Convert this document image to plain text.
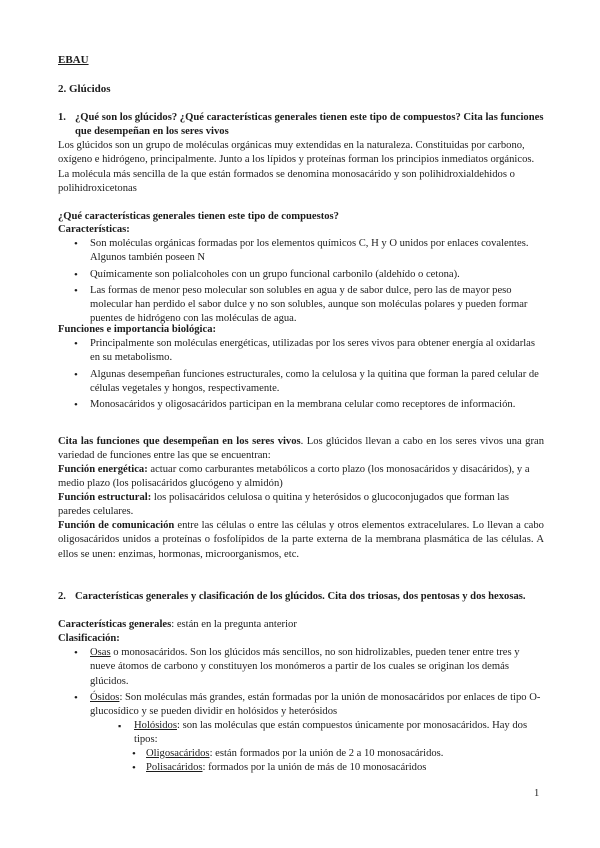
EBAU
2. Glúcidos
1. ¿Qué son los glúcidos? ¿Qué características generales tienen este tipo de compuestos? Cita las funciones que desempeñan en los seres vivos
Los glúcidos son un grupo de moléculas orgánicas muy extendidas en la naturaleza. Constituidas por carbono, oxígeno e hidrógeno, principalmente. Junto a los lípidos y proteínas forman los principios inmediatos orgánicos. La molécula más sencilla de la que están formados se denomina monosacárido y son polihidroxialdehidos o polihidroxicetonas
¿Qué características generales tienen este tipo de compuestos?
Características:
• Son moléculas orgánicas formadas por los elementos químicos C, H y O unidos por enlaces covalentes. Algunos también poseen N
• Químicamente son polialcoholes con un grupo funcional carbonilo (aldehído o cetona).
• Las formas de menor peso molecular son solubles en agua y de sabor dulce, pero las de mayor peso molecular han perdido el sabor dulce y no son solubles, aunque son moléculas polares y pueden formar puentes de hidrógeno con las moléculas de agua.
Funciones e importancia biológica:
• Principalmente son moléculas energéticas, utilizadas por los seres vivos para obtener energía al oxidarlas en su metabolismo.
• Algunas desempeñan funciones estructurales, como la celulosa y la quitina que forman la pared celular de células vegetales y hongos, respectivamente.
• Monosacáridos y oligosacáridos participan en la membrana celular como receptores de información.
Cita las funciones que desempeñan en los seres vivos. Los glúcidos llevan a cabo en los seres vivos una gran variedad de funciones entre las que se encuentran:
Función energética: actuar como carburantes metabólicos a corto plazo (los monosacáridos y disacáridos), y a medio plazo (los polisacáridos glucógeno y almidón)
Función estructural: los polisacáridos celulosa o quitina y heterósidos o glucoconjugados que forman las paredes celulares.
Función de comunicación entre las células o entre las células y otros elementos extracelulares. Lo llevan a cabo oligosacáridos unidos a proteínas o fosfolípidos de la parte externa de la membrana plasmática de las células. A ellos se unen: enzimas, hormonas, microorganismos, etc.
2. Características generales y clasificación de los glúcidos. Cita dos triosas, dos pentosas y dos hexosas.
Características generales: están en la pregunta anterior
Clasificación:
• Osas o monosacáridos. Son los glúcidos más sencillos, no son hidrolizables, pueden tener entre tres y nueve átomos de carbono y constituyen los monómeros a partir de los cuales se originan los demás glúcidos.
• Ósidos: Son moléculas más grandes, están formadas por la unión de monosacáridos por enlaces de tipo O-glucosídico y se pueden dividir en holósidos y heterósidos
▪ Holósidos: son las moléculas que están compuestos únicamente por monosacáridos. Hay dos tipos:
• Oligosacáridos: están formados por la unión de 2 a 10 monosacáridos.
• Polisacáridos: formados por la unión de más de 10 monosacáridos
1
